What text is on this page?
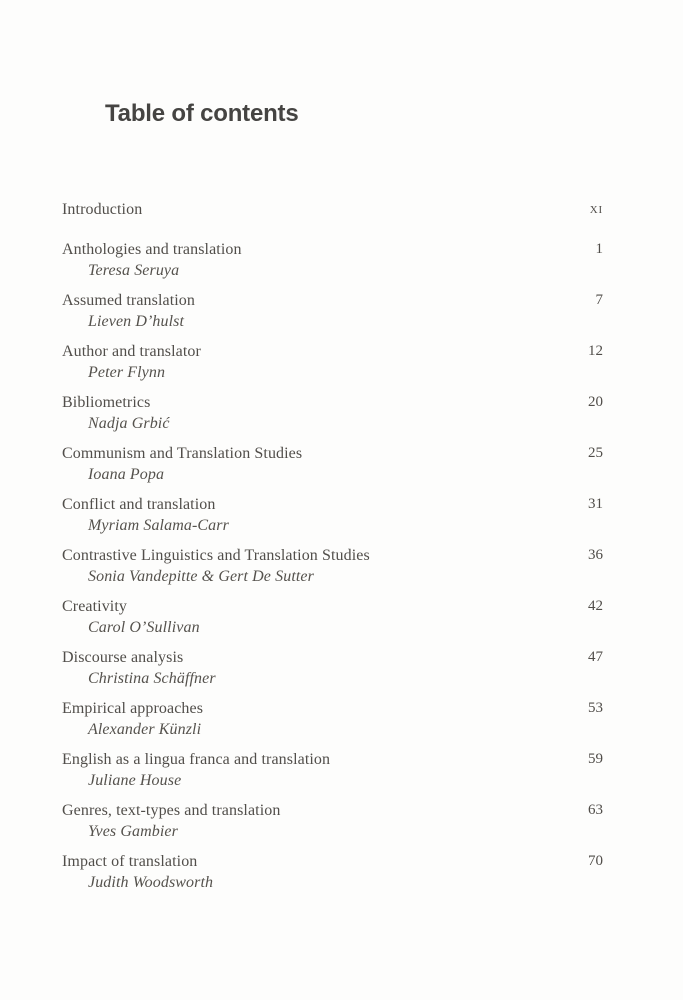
Table of contents
Introduction	xi
Anthologies and translation
Teresa Seruya
1
Assumed translation
Lieven D’hulst
7
Author and translator
Peter Flynn
12
Bibliometrics
Nadja Grbić
20
Communism and Translation Studies
Ioana Popa
25
Conflict and translation
Myriam Salama-Carr
31
Contrastive Linguistics and Translation Studies
Sonia Vandepitte & Gert De Sutter
36
Creativity
Carol O’Sullivan
42
Discourse analysis
Christina Schäffner
47
Empirical approaches
Alexander Künzli
53
English as a lingua franca and translation
Juliane House
59
Genres, text-types and translation
Yves Gambier
63
Impact of translation
Judith Woodsworth
70
